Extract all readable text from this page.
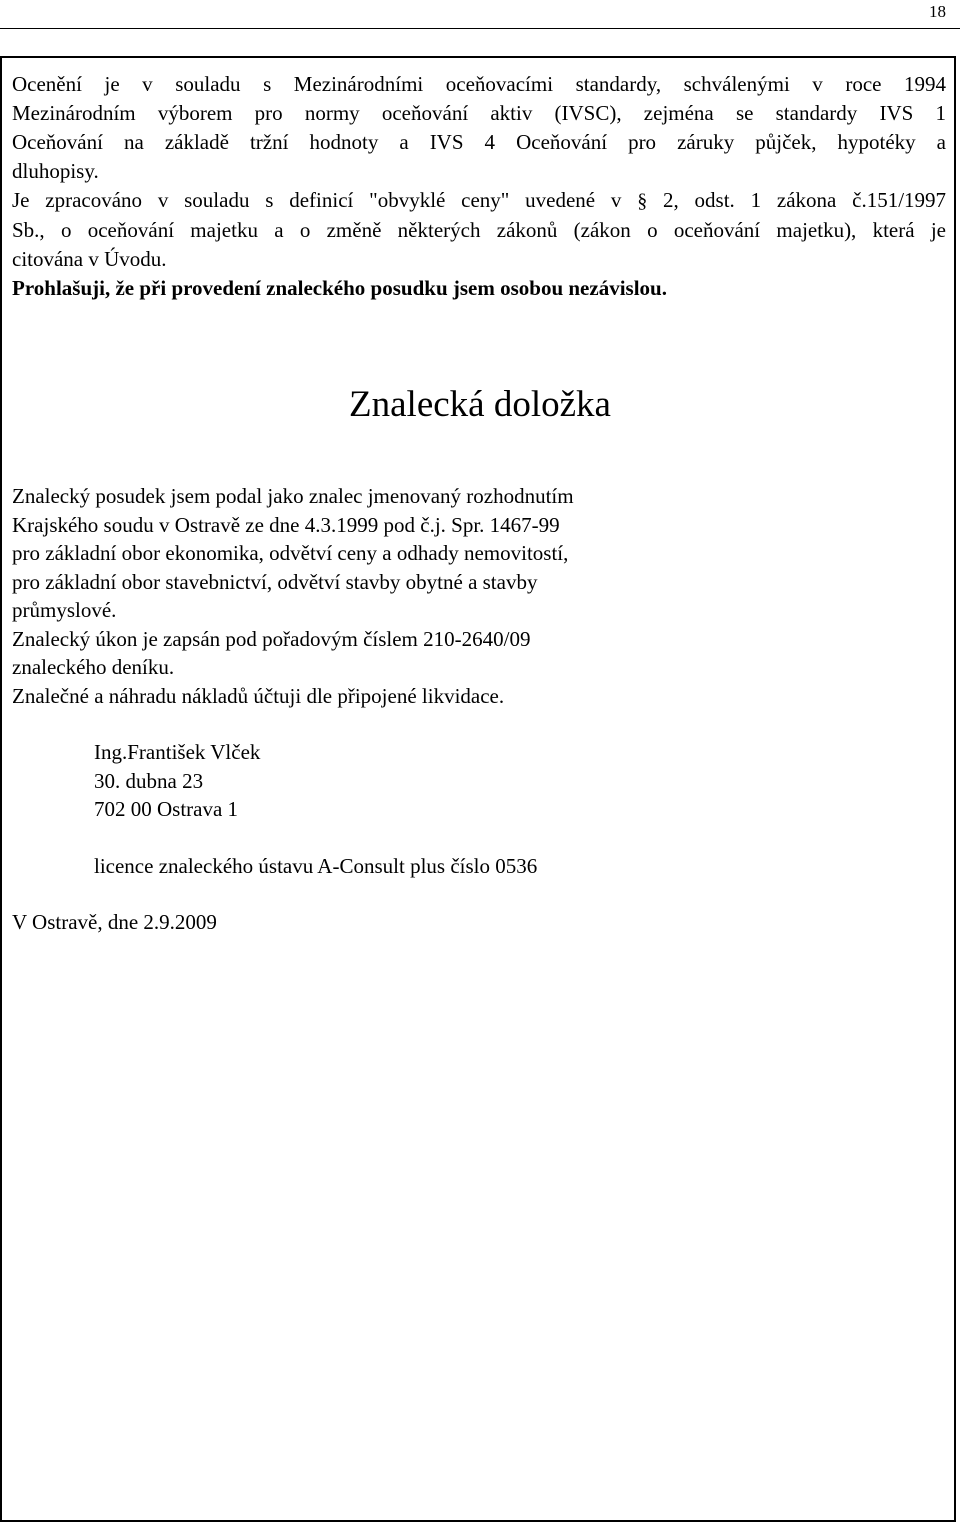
18

Ocenění je v souladu s Mezinárodními oceňovacími standardy, schválenými v roce 1994

Mezinárodním výborem pro normy oceňování aktiv (IVSC), zejména se standardy IVS 1

Oceňování na základě tržní hodnoty a IVS 4 Oceňování pro záruky půjček, hypotéky a

dluhopisy.

Je zpracováno v souladu s definicí "obvyklé ceny" uvedené v § 2, odst. 1 zákona č.151/1997

Sb., o oceňování majetku a o změně některých zákonů (zákon o oceňování majetku), která je

citována v Úvodu.

Prohlašuji, že při provedení znaleckého posudku jsem osobou nezávislou.

Znalecká doložka

Znalecký posudek jsem podal jako znalec jmenovaný rozhodnutím

Krajského soudu v Ostravě ze dne 4.3.1999 pod č.j. Spr. 1467-99

pro základní obor ekonomika, odvětví ceny a odhady nemovitostí,

pro základní obor stavebnictví, odvětví stavby obytné a stavby

průmyslové.

Znalecký úkon je zapsán pod pořadovým číslem 210-2640/09

znaleckého deníku.

Znalečné a náhradu nákladů účtuji dle připojené likvidace.

Ing.František Vlček

30. dubna 23

702 00 Ostrava 1

licence znaleckého ústavu A-Consult plus číslo 0536

V Ostravě, dne 2.9.2009
